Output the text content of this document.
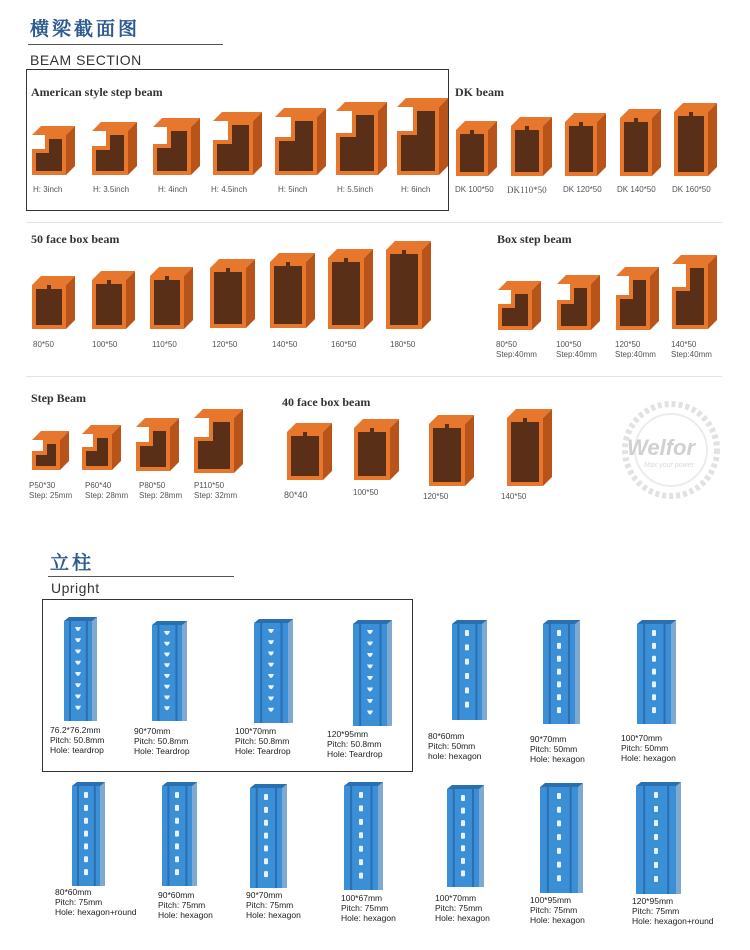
横梁截面图
BEAM SECTION
American style step beam	DK beam
H: 3inch	H: 3.5inch	H: 4inch	H: 4.5inch	H: 5inch	H: 5.5inch	H: 6inch	DK 100*50 DK110*50 DK 120*50 DK 140*50 DK 160*50
50 face box beam	Box step beam
80*50	100*50	110*50	120*50	140*50	160*50	180*50	80*50
Step:40mm
100*50
Step:40mm
120*50
Step:40mm
140*50
Step:40mm
Step Beam	40 face box beam
P50*30
Step: 25mm
P60*40
Step: 28mm
P80*50
Step: 28mm
P110*50
Step: 32mm	80*40	100*50	120*50	140*50
Welfor
Max your power
立柱
Upright
76.2*76.2mm
Pitch: 50.8mm
Hole: teardrop
90*70mm
Pitch: 50.8mm
Hole: Teardrop
100*70mm
Pitch: 50.8mm
Hole: Teardrop
120*95mm
Pitch: 50.8mm
Hole: Teardrop
80*60mm
Pitch: 50mm
hole: hexagon
90*70mm
Pitch: 50mm
Hole: hexagon
100*70mm
Pitch: 50mm
Hole: hexagon
80*60mm
Pitch: 75mm
Hole: hexagon+round
90*60mm
Pitch: 75mm
Hole: hexagon
90*70mm
Pitch: 75mm
Hole: hexagon
100*67mm
Pitch: 75mm
Hole: hexagon
100*70mm
Pitch: 75mm
Hole: hexagon
100*95mm
Pitch: 75mm
Hole: hexagon
120*95mm
Pitch: 75mm
Hole: hexagon+round
